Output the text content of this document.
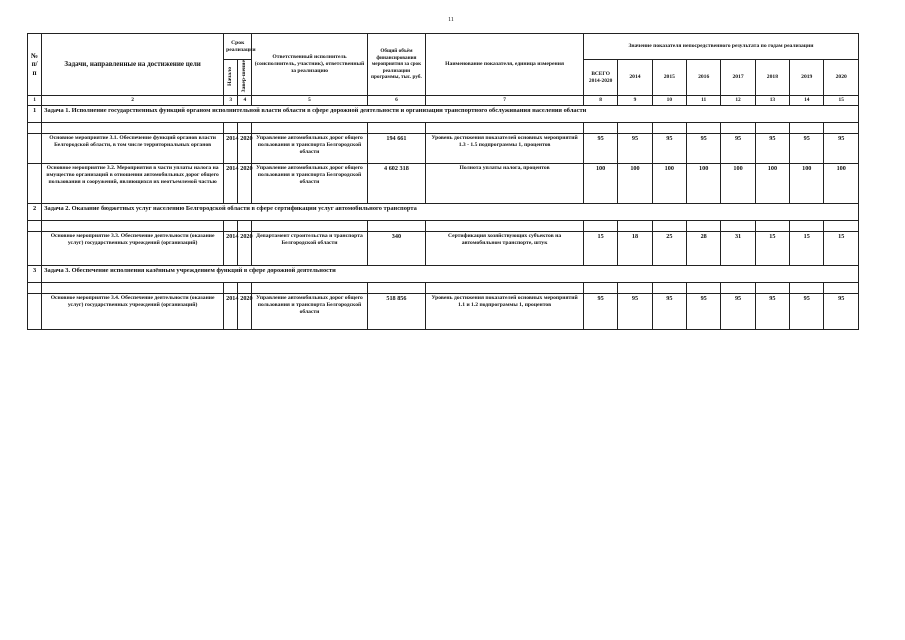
11
№ п/п	Задачи, направленные на достижение цели	Срок реализации		Ответственный исполнитель (соисполнитель, участник), ответственный за реализацию	Общий объём финансирования мероприятия за срок реализации программы, тыс. руб.	Наименование показателя, единица измерения	Значение показателя непосредственного результата по годам реализации							
		Начало	Завер-шение				ВСЕГО 2014-2020	2014	2015	2016	2017	2018	2019	2020
1	2	3	4	5	6	7	8	9	10	11	12	13	14	15
1	Задача 1. Исполнение государственных функций органом исполнительной власти области в сфере дорожной деятельности и организации транспортного обслуживания населения области													

	Основное мероприятие 3.1. Обеспечение функций органов власти Белгородской области, в том числе территориальных органов	2014	2020	Управление автомобильных дорог общего пользования и транспорта Белгородской области	194 661	Уровень достижения показателей основных мероприятий 1.3 - 1.5 подпрограммы 1, процентов	95	95	95	95	95	95	95	95
	Основное мероприятие 3.2. Мероприятия в части уплаты налога на имущество организаций в отношении автомобильных дорог общего пользования и сооружений, являющихся их неотъемлемой частью	2014	2020	Управление автомобильных дорог общего пользования и транспорта Белгородской области	4 602 318	Полнота уплаты налога, процентов	100	100	100	100	100	100	100	100
2	Задача 2. Оказание бюджетных услуг населению Белгородской области в сфере сертификации услуг автомобильного транспорта													

	Основное мероприятие 3.3. Обеспечение деятельности (оказание услуг) государственных учреждений (организаций)	2014	2020	Департамент строительства и транспорта Белгородской области	340	Сертификация хозяйствующих субъектов на автомобильном транспорте, штук	15	18	25	28	31	15	15	15
3	Задача 3. Обеспечение исполнения казённым учреждением функций в сфере дорожной деятельности													

	Основное мероприятие 3.4. Обеспечение деятельности (оказание услуг) государственных учреждений (организаций)	2014	2020	Управление автомобильных дорог общего пользования и транспорта Белгородской области	518 856	Уровень достижения показателей основных мероприятий 1.1 и 1.2 подпрограммы 1, процентов	95	95	95	95	95	95	95	95
